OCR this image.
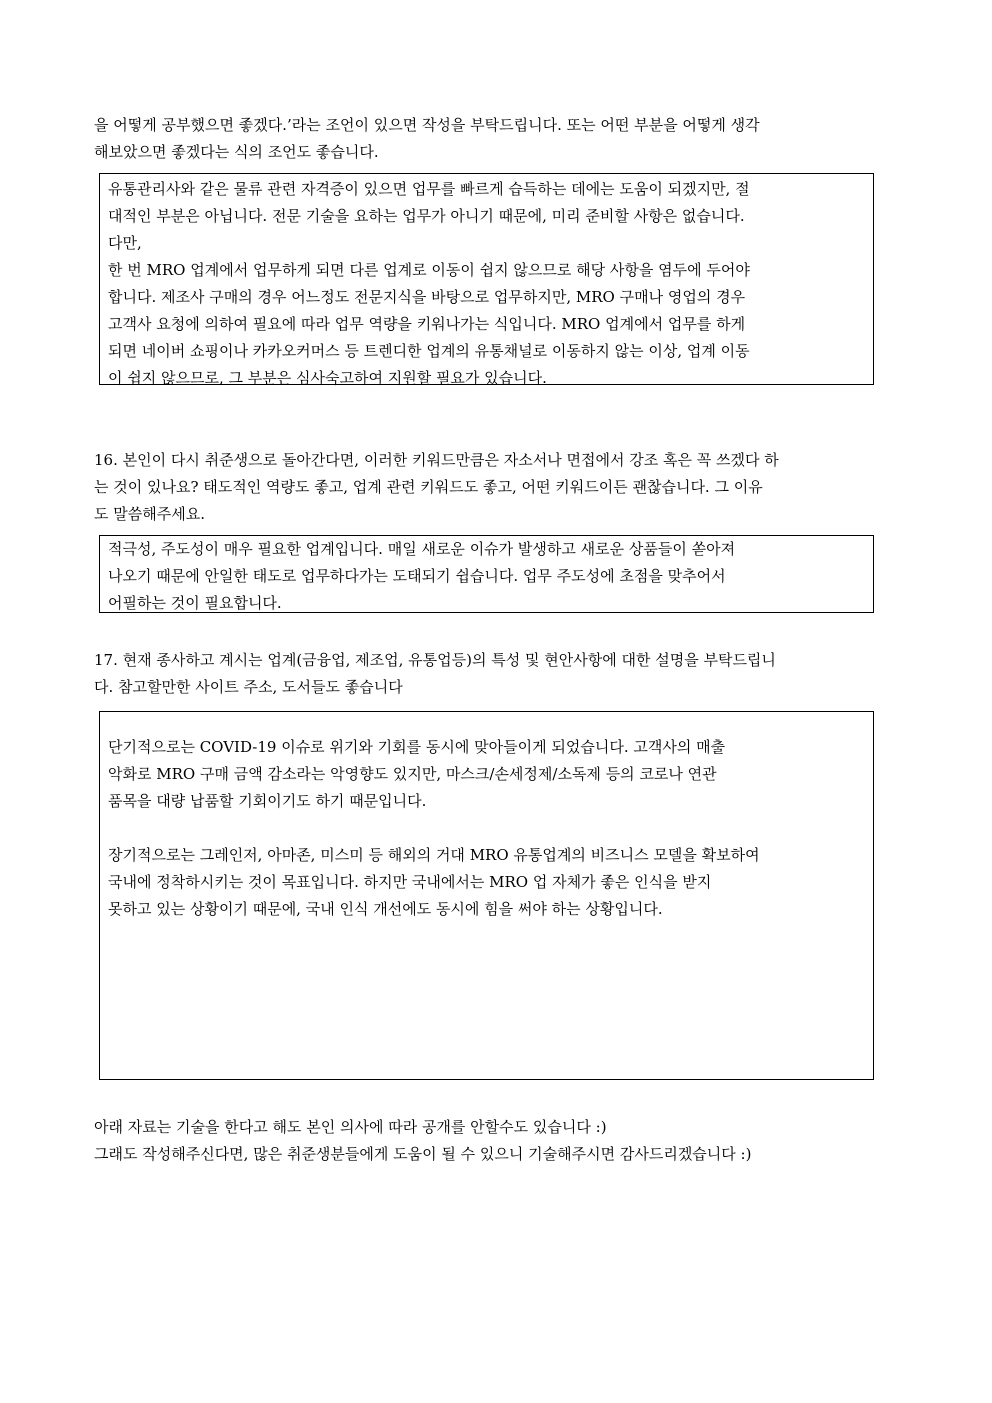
을 어떻게 공부했으면 좋겠다.’라는 조언이 있으면 작성을 부탁드립니다. 또는 어떤 부분을 어떻게 생각
해보았으면 좋겠다는 식의 조언도 좋습니다.
유통관리사와 같은 물류 관련 자격증이 있으면 업무를 빠르게 습득하는 데에는 도움이 되겠지만, 절
대적인 부분은 아닙니다. 전문 기술을 요하는 업무가 아니기 때문에, 미리 준비할 사항은 없습니다.
다만,
한 번 MRO 업계에서 업무하게 되면 다른 업계로 이동이 쉽지 않으므로 해당 사항을 염두에 두어야
합니다. 제조사 구매의 경우 어느정도 전문지식을 바탕으로 업무하지만, MRO 구매나 영업의 경우
고객사 요청에 의하여 필요에 따라 업무 역량을 키워나가는 식입니다. MRO 업계에서 업무를 하게
되면 네이버 쇼핑이나 카카오커머스 등 트렌디한 업계의 유통채널로 이동하지 않는 이상, 업계 이동
이 쉽지 않으므로, 그 부분은 심사숙고하여 지원할 필요가 있습니다.
16. 본인이 다시 취준생으로 돌아간다면, 이러한 키워드만큼은 자소서나 면접에서 강조 혹은 꼭 쓰겠다 하
는 것이 있나요? 태도적인 역량도 좋고, 업계 관련 키워드도 좋고, 어떤 키워드이든 괜찮습니다. 그 이유
도 말씀해주세요.
적극성, 주도성이 매우 필요한 업계입니다. 매일 새로운 이슈가 발생하고 새로운 상품들이 쏟아져
나오기 때문에 안일한 태도로 업무하다가는 도태되기 쉽습니다. 업무 주도성에 초점을 맞추어서
어필하는 것이 필요합니다.
17. 현재 종사하고 계시는 업계(금융업, 제조업, 유통업등)의 특성 및 현안사항에 대한 설명을 부탁드립니
다. 참고할만한 사이트 주소, 도서들도 좋습니다
단기적으로는 COVID-19 이슈로 위기와 기회를 동시에 맞아들이게 되었습니다. 고객사의 매출
악화로 MRO 구매 금액 감소라는 악영향도 있지만, 마스크/손세정제/소독제 등의 코로나 연관
품목을 대량 납품할 기회이기도 하기 때문입니다.
장기적으로는 그레인저, 아마존, 미스미 등 해외의 거대 MRO 유통업계의 비즈니스 모델을 확보하여
국내에 정착하시키는 것이 목표입니다. 하지만 국내에서는 MRO 업 자체가 좋은 인식을 받지
못하고 있는 상황이기 때문에, 국내 인식 개선에도 동시에 힘을 써야 하는 상황입니다.
아래 자료는 기술을 한다고 해도 본인 의사에 따라 공개를 안할수도 있습니다 :)
그래도 작성해주신다면, 많은 취준생분들에게 도움이 될 수 있으니 기술해주시면 감사드리겠습니다 :)
